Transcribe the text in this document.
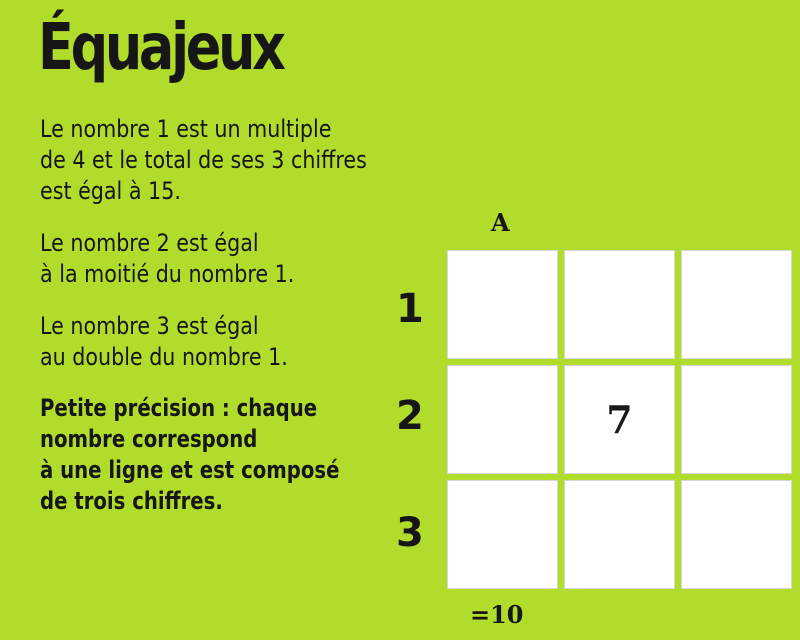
Équajeux

Le nombre 1 est un multiple
de 4 et le total de ses 3 chiffres
est égal à 15.

Le nombre 2 est égal
à la moitié du nombre 1.

Le nombre 3 est égal
au double du nombre 1.

Petite précision : chaque
nombre correspond
à une ligne et est composé
de trois chiffres.

A
1
2
3
7
=10
